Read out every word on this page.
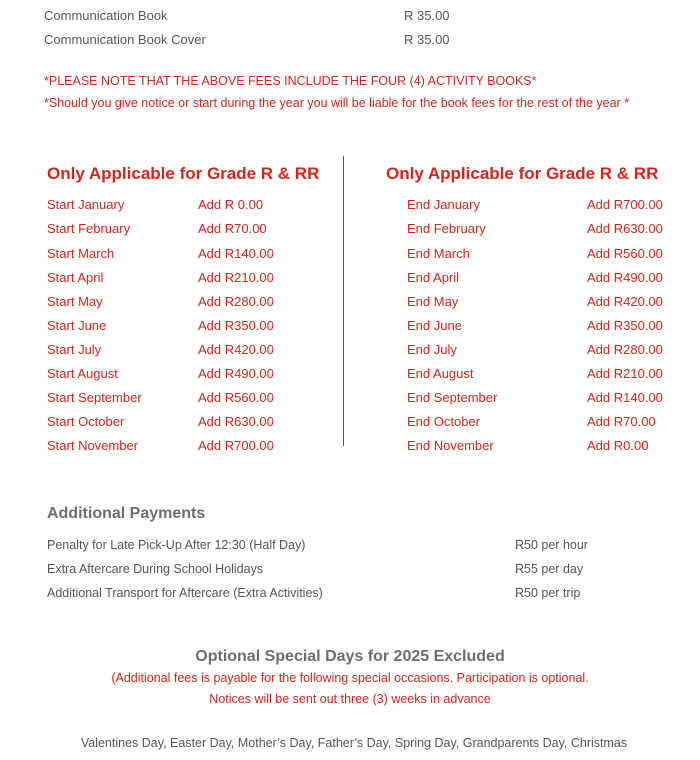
Communication Book	R 35.00
Communication Book Cover	R 35.00
*PLEASE NOTE THAT THE ABOVE FEES INCLUDE THE FOUR (4) ACTIVITY BOOKS*
*Should you give notice or start during the year you will be liable for the book fees for the rest of the year *
Only Applicable for Grade R & RR
Start January	Add R 0.00
Start February	Add R70.00
Start March	Add R140.00
Start April	Add R210.00
Start May	Add R280.00
Start June	Add R350.00
Start July	Add R420.00
Start August	Add R490.00
Start September	Add R560.00
Start October	Add R630.00
Start November	Add R700.00
Only Applicable for Grade R & RR
End January	Add R700.00
End February	Add R630.00
End March	Add R560.00
End April	Add R490.00
End May	Add R420.00
End June	Add R350.00
End July	Add R280.00
End August	Add R210.00
End September	Add R140.00
End October	Add R70.00
End November	Add R0.00
Additional Payments
Penalty for Late Pick-Up After 12:30 (Half Day)	R50 per hour
Extra Aftercare During School Holidays	R55 per day
Additional Transport for Aftercare (Extra Activities)	R50 per trip
Optional Special Days for 2025 Excluded
(Additional fees is payable for the following special occasions. Participation is optional.
Notices will be sent out three (3) weeks in advance
Valentines Day, Easter Day, Mother’s Day, Father’s Day, Spring Day, Grandparents Day, Christmas
